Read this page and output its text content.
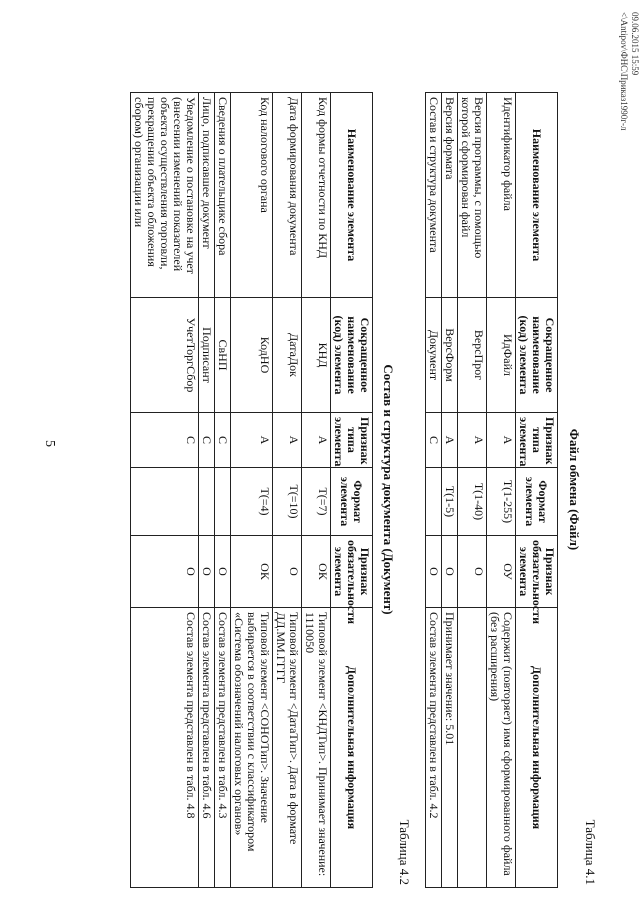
5
09.06.2015 15:59
<\Antipov\ФНС\Приказ1990г-л
Таблица 4.1
Файл обмена (Файл)
Наименование элемента	Сокращенное наименование (код) элемента	Признак типа элемента	Формат элемента	Признак обязательности элемента	Дополнительная информация
Идентификатор файла	ИдФайл	А	T(1-255)	ОУ	Содержит (повторяет) имя сформированного файла (без расширения)
Версия программы, с помощью которой сформирован файл	ВерсПрог	А	T(1-40)	О	
Версия формата	ВерсФорм	А	T(1-5)	О	Принимает значение: 5.01
Состав и структура документа	Документ	С		О	Состав элемента представлен в табл. 4.2
Таблица 4.2
Состав и структура документа (Документ)
Наименование элемента	Сокращенное наименование (код) элемента	Признак типа элемента	Формат элемента	Признак обязательности элемента	Дополнительная информация
Код формы отчетности по КНД	КНД	А	T(=7)	ОК	Типовой элемент <КНДТип>. Принимает значение: 1110050
Дата формирования документа	ДатаДок	А	T(=10)	О	Типовой элемент <ДатаТип>. Дата в формате ДД.ММ.ГГГГ
Код налогового органа	КодНО	А	T(=4)	ОК	Типовой элемент <СОНОТип>. Значение выбирается в соответствии с классификатором «Система обозначений налоговых органов»
Сведения о плательщике сбора	СвНП	С		О	Состав элемента представлен в табл. 4.3
Лицо, подписавшее документ	Подписант	С		О	Состав элемента представлен в табл. 4.6
Уведомление о постановке на учет (внесении изменений показателей объекта осуществления торговли, прекращении объекта обложения сбором) организации или	УчетТоргСбор	С		О	Состав элемента представлен в табл. 4.8
